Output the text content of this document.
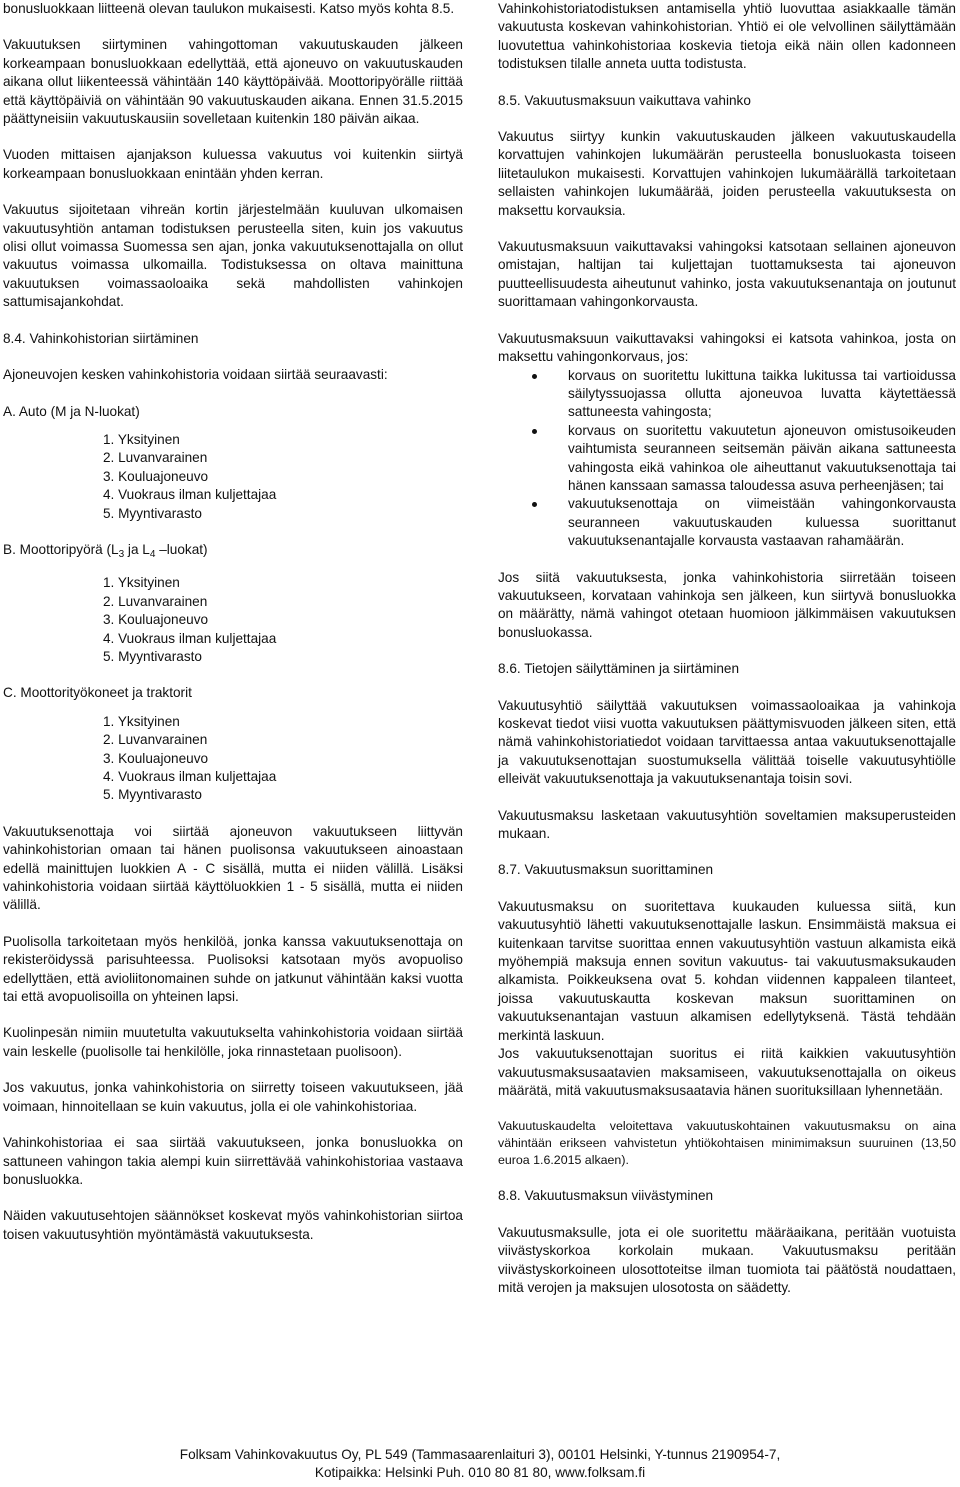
bonusluokkaan liitteenä olevan taulukon mukaisesti. Katso myös kohta 8.5.

Vakuutuksen siirtyminen vahingottoman vakuutuskauden jälkeen korkeampaan bonusluokkaan edellyttää, että ajoneuvo on vakuutuskauden aikana ollut liikenteessä vähintään 140 käyttöpäivää. Moottoripyörälle riittää että käyttöpäiviä on vähintään 90 vakuutuskauden aikana. Ennen 31.5.2015 päättyneisiin vakuutuskausiin sovelletaan kuitenkin 180 päivän aikaa.

Vuoden mittaisen ajanjakson kuluessa vakuutus voi kuitenkin siirtyä korkeampaan bonusluokkaan enintään yhden kerran.

Vakuutus sijoitetaan vihreän kortin järjestelmään kuuluvan ulkomaisen vakuutusyhtiön antaman todistuksen perusteella siten, kuin jos vakuutus olisi ollut voimassa Suomessa sen ajan, jonka vakuutuksenottajalla on ollut vakuutus voimassa ulkomailla. Todistuksessa on oltava mainittuna vakuutuksen voimassaoloaika sekä mahdollisten vahinkojen sattumisajankohdat.

8.4. Vahinkohistorian siirtäminen

Ajoneuvojen kesken vahinkohistoria voidaan siirtää seuraavasti:

A. Auto (M ja N-luokat)

1. Yksityinen
2. Luvanvarainen
3. Kouluajoneuvo
4. Vuokraus ilman kuljettajaa
5. Myyntivarasto

B. Moottoripyörä ($L_3$ ja $L_4$ –luokat)

1. Yksityinen
2. Luvanvarainen
3. Kouluajoneuvo
4. Vuokraus ilman kuljettajaa
5. Myyntivarasto

C. Moottorityökoneet ja traktorit

1. Yksityinen
2. Luvanvarainen
3. Kouluajoneuvo
4. Vuokraus ilman kuljettajaa
5. Myyntivarasto

Vakuutuksenottaja voi siirtää ajoneuvon vakuutukseen liittyvän vahinkohistorian omaan tai hänen puolisonsa vakuutukseen ainoastaan edellä mainittujen luokkien A - C sisällä, mutta ei niiden välillä. Lisäksi vahinkohistoria voidaan siirtää käyttöluokkien 1 - 5 sisällä, mutta ei niiden välillä.

Puolisolla tarkoitetaan myös henkilöä, jonka kanssa vakuutuksenottaja on rekisteröidyssä parisuhteessa. Puolisoksi katsotaan myös avopuoliso edellyttäen, että avioliitonomainen suhde on jatkunut vähintään kaksi vuotta tai että avopuolisoilla on yhteinen lapsi.

Kuolinpesän nimiin muutetulta vakuutukselta vahinkohistoria voidaan siirtää vain leskelle (puolisolle tai henkilölle, joka rinnastetaan puolisoon).

Jos vakuutus, jonka vahinkohistoria on siirretty toiseen vakuutukseen, jää voimaan, hinnoitellaan se kuin vakuutus, jolla ei ole vahinkohistoriaa.

Vahinkohistoriaa ei saa siirtää vakuutukseen, jonka bonusluokka on sattuneen vahingon takia alempi kuin siirrettävää vahinkohistoriaa vastaava bonusluokka.

Näiden vakuutusehtojen säännökset koskevat myös vahinkohistorian siirtoa toisen vakuutusyhtiön myöntämästä vakuutuksesta.

Vahinkohistoriatodistuksen antamisella yhtiö luovuttaa asiakkaalle tämän vakuutusta koskevan vahinkohistorian. Yhtiö ei ole velvollinen säilyttämään luovutettua vahinkohistoriaa koskevia tietoja eikä näin ollen kadonneen todistuksen tilalle anneta uutta todistusta.

8.5. Vakuutusmaksuun vaikuttava vahinko

Vakuutus siirtyy kunkin vakuutuskauden jälkeen vakuutuskaudella korvattujen vahinkojen lukumäärän perusteella bonusluokasta toiseen liitetaulukon mukaisesti. Korvattujen vahinkojen lukumäärällä tarkoitetaan sellaisten vahinkojen lukumäärää, joiden perusteella vakuutuksesta on maksettu korvauksia.

Vakuutusmaksuun vaikuttavaksi vahingoksi katsotaan sellainen ajoneuvon omistajan, haltijan tai kuljettajan tuottamuksesta tai ajoneuvon puutteellisuudesta aiheutunut vahinko, josta vakuutuksenantaja on joutunut suorittamaan vahingonkorvausta.

Vakuutusmaksuun vaikuttavaksi vahingoksi ei katsota vahinkoa, josta on maksettu vahingonkorvaus, jos:

korvaus on suoritettu lukittuna taikka lukitussa tai vartioidussa säilytyssuojassa ollutta ajoneuvoa luvatta käytettäessä sattuneesta vahingosta;
korvaus on suoritettu vakuutetun ajoneuvon omistusoikeuden vaihtumista seuranneen seitsemän päivän aikana sattuneesta vahingosta eikä vahinkoa ole aiheuttanut vakuutuksenottaja tai hänen kanssaan samassa taloudessa asuva perheenjäsen; tai
vakuutuksenottaja on viimeistään vahingonkorvausta seuranneen vakuutuskauden kuluessa suorittanut vakuutuksenantajalle korvausta vastaavan rahamäärän.

Jos siitä vakuutuksesta, jonka vahinkohistoria siirretään toiseen vakuutukseen, korvataan vahinkoja sen jälkeen, kun siirtyvä bonusluokka on määrätty, nämä vahingot otetaan huomioon jälkimmäisen vakuutuksen bonusluokassa.

8.6. Tietojen säilyttäminen ja siirtäminen

Vakuutusyhtiö säilyttää vakuutuksen voimassaoloaikaa ja vahinkoja koskevat tiedot viisi vuotta vakuutuksen päättymisvuoden jälkeen siten, että nämä vahinkohistoriatiedot voidaan tarvittaessa antaa vakuutuksenottajalle ja vakuutuksenottajan suostumuksella välittää toiselle vakuutusyhtiölle elleivät vakuutuksenottaja ja vakuutuksenantaja toisin sovi.

Vakuutusmaksu lasketaan vakuutusyhtiön soveltamien maksuperusteiden mukaan.

8.7. Vakuutusmaksun suorittaminen

Vakuutusmaksu on suoritettava kuukauden kuluessa siitä, kun vakuutusyhtiö lähetti vakuutuksenottajalle laskun. Ensimmäistä maksua ei kuitenkaan tarvitse suorittaa ennen vakuutusyhtiön vastuun alkamista eikä myöhempiä maksuja ennen sovitun vakuutus- tai vakuutusmaksukauden alkamista. Poikkeuksena ovat 5. kohdan viidennen kappaleen tilanteet, joissa vakuutuskautta koskevan maksun suorittaminen on vakuutuksenantajan vastuun alkamisen edellytyksenä. Tästä tehdään merkintä laskuun.

Jos vakuutuksenottajan suoritus ei riitä kaikkien vakuutusyhtiön vakuutusmaksusaatavien maksamiseen, vakuutuksenottajalla on oikeus määrätä, mitä vakuutusmaksusaatavia hänen suorituksillaan lyhennetään.

Vakuutuskaudelta veloitettava vakuutuskohtainen vakuutusmaksu on aina vähintään erikseen vahvistetun yhtiökohtaisen minimimaksun suuruinen (13,50 euroa 1.6.2015 alkaen).

8.8. Vakuutusmaksun viivästyminen

Vakuutusmaksulle, jota ei ole suoritettu määräaikana, peritään vuotuista viivästyskorkoa korkolain mukaan. Vakuutusmaksu peritään viivästyskorkoineen ulosottoteitse ilman tuomiota tai päätöstä noudattaen, mitä verojen ja maksujen ulosotosta on säädetty.

Folksam Vahinkovakuutus Oy, PL 549 (Tammasaarenlaituri 3), 00101 Helsinki, Y-tunnus 2190954-7,
Kotipaikka: Helsinki Puh. 010 80 81 80, www.folksam.fi
